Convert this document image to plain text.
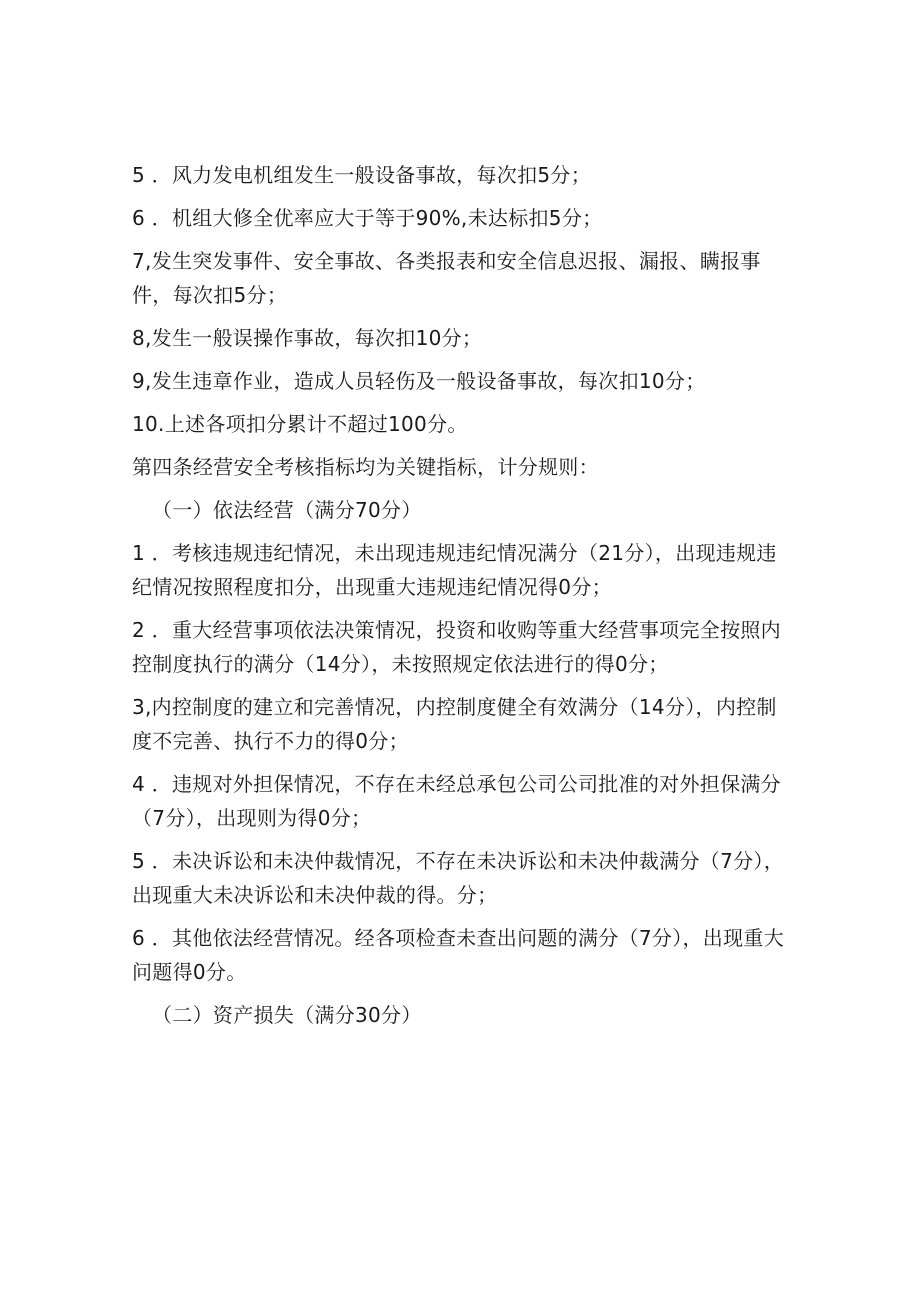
5 ．风力发电机组发生一般设备事故，每次扣5分；

6 ．机组大修全优率应大于等于90%,未达标扣5分；

7,发生突发事件、安全事故、各类报表和安全信息迟报、漏报、瞒报事件，每次扣5分；

8,发生一般误操作事故，每次扣10分；

9,发生违章作业，造成人员轻伤及一般设备事故，每次扣10分；

10.上述各项扣分累计不超过100分。

第四条经营安全考核指标均为关键指标，计分规则：

（一）依法经营（满分70分）

1 ．考核违规违纪情况，未出现违规违纪情况满分（21分），出现违规违纪情况按照程度扣分，出现重大违规违纪情况得0分；

2 ．重大经营事项依法决策情况，投资和收购等重大经营事项完全按照内控制度执行的满分（14分），未按照规定依法进行的得0分；

3,内控制度的建立和完善情况，内控制度健全有效满分（14分），内控制度不完善、执行不力的得0分；

4 ．违规对外担保情况，不存在未经总承包公司公司批准的对外担保满分（7分），出现则为得0分；

5 ．未决诉讼和未决仲裁情况，不存在未决诉讼和未决仲裁满分（7分），出现重大未决诉讼和未决仲裁的得。分；

6 ．其他依法经营情况。经各项检查未查出问题的满分（7分），出现重大问题得0分。

（二）资产损失（满分30分）
